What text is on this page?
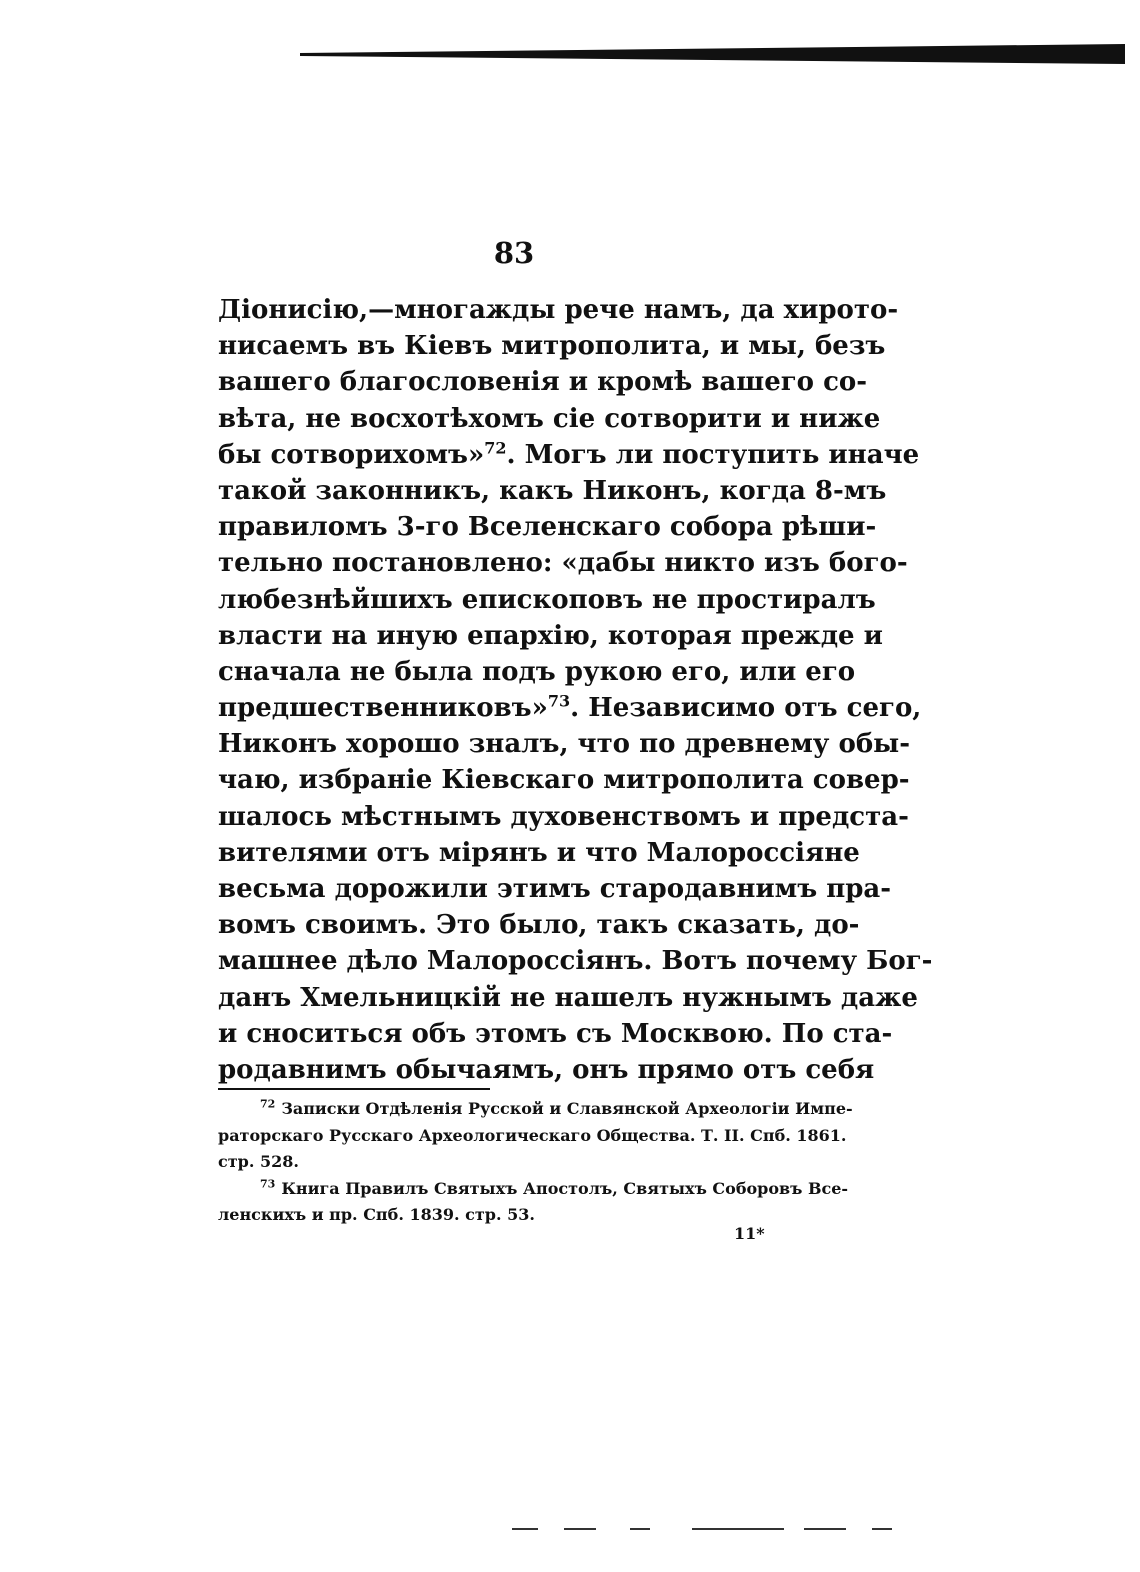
83
Діонисію,—многажды рече намъ, да хирото-
нисаемъ въ Кіевъ митрополита, и мы, безъ
вашего благословенія и кромѣ вашего со-
вѣта, не восхотѣхомъ сіе сотворити и ниже
бы сотворихомъ»$^{72}$. Могъ ли поступить иначе
такой законникъ, какъ Никонъ, когда 8-мъ
правиломъ 3-го Вселенскаго собора рѣши-
тельно постановлено: «дабы никто изъ бого-
любезнѣйшихъ епископовъ не простиралъ
власти на иную епархію, которая прежде и
сначала не была подъ рукою его, или его
предшественниковъ»$^{73}$. Независимо отъ сего,
Никонъ хорошо зналъ, что по древнему обы-
чаю, избраніе Кіевскаго митрополита совер-
шалось мѣстнымъ духовенствомъ и предста-
вителями отъ мірянъ и что Малороссіяне
весьма дорожили этимъ стародавнимъ пра-
вомъ своимъ. Это было, такъ сказать, до-
машнее дѣло Малороссіянъ. Вотъ почему Бог-
данъ Хмельницкій не нашелъ нужнымъ даже
и сноситься объ этомъ съ Москвою. По ста-
родавнимъ обычаямъ, онъ прямо отъ себя
$^{72}$ Записки Отдѣленія Русской и Славянской Археологіи Импе-
раторскаго Русскаго Археологическаго Общества. Т. II. Спб. 1861.
стр. 528.
$^{73}$ Книга Правилъ Святыхъ Апостолъ, Святыхъ Соборовъ Все-
ленскихъ и пр. Спб. 1839. стр. 53.
11*
